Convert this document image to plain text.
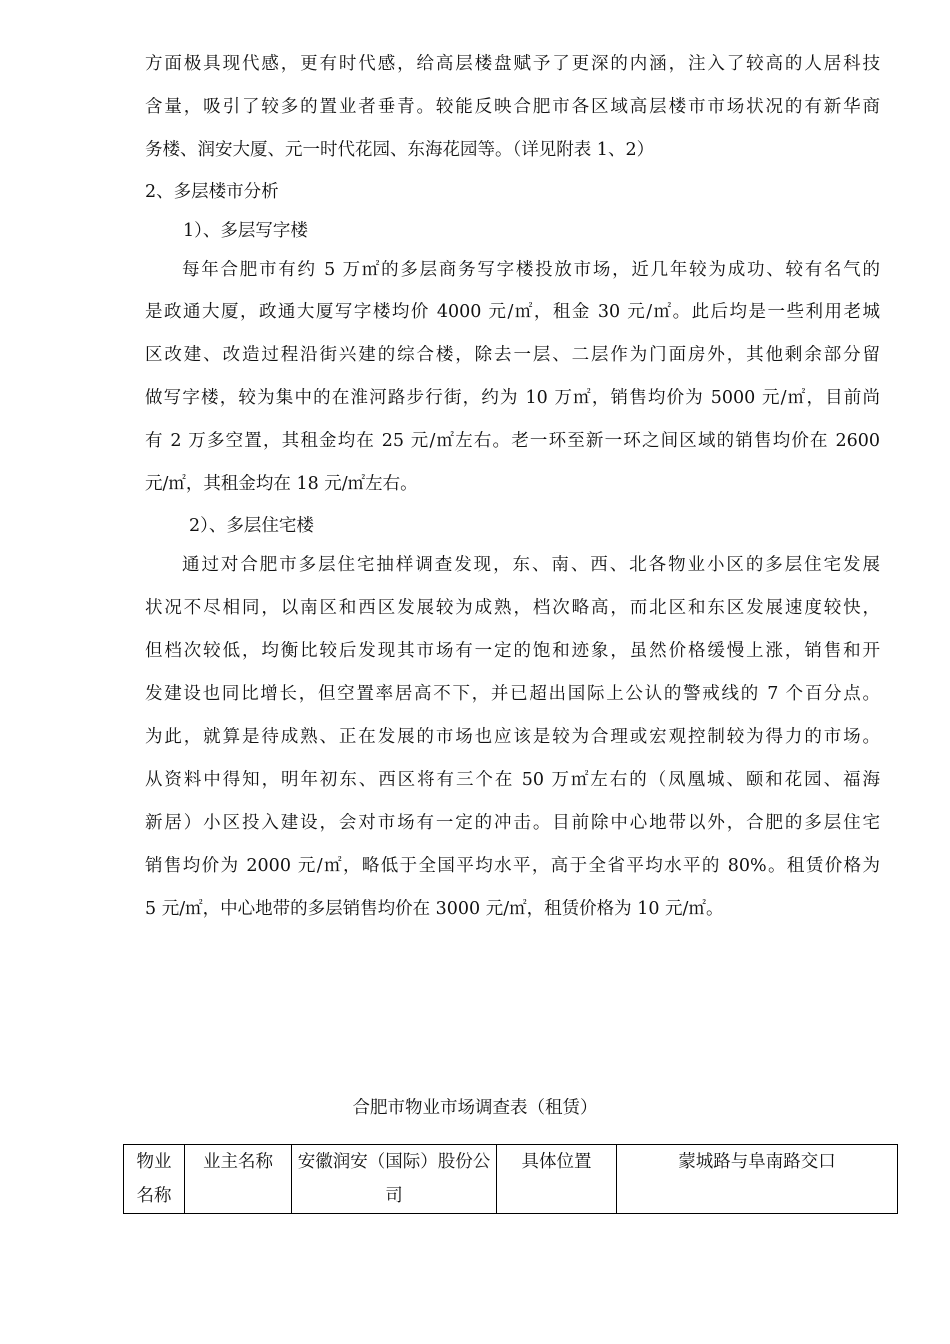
方面极具现代感，更有时代感，给高层楼盘赋予了更深的内涵，注入了较高的人居科技
含量，吸引了较多的置业者垂青。较能反映合肥市各区域高层楼市市场状况的有新华商
务楼、润安大厦、元一时代花园、东海花园等。（详见附表 1、2）
2、多层楼市分析
1）、多层写字楼
每年合肥市有约 5 万㎡的多层商务写字楼投放市场，近几年较为成功、较有名气的
是政通大厦，政通大厦写字楼均价 4000 元/㎡，租金 30 元/㎡。此后均是一些利用老城
区改建、改造过程沿街兴建的综合楼，除去一层、二层作为门面房外，其他剩余部分留
做写字楼，较为集中的在淮河路步行街，约为 10 万㎡，销售均价为 5000 元/㎡，目前尚
有 2 万多空置，其租金均在 25 元/㎡左右。老一环至新一环之间区域的销售均价在 2600
元/㎡，其租金均在 18 元/㎡左右。
2）、多层住宅楼
通过对合肥市多层住宅抽样调查发现，东、南、西、北各物业小区的多层住宅发展
状况不尽相同，以南区和西区发展较为成熟，档次略高，而北区和东区发展速度较快，
但档次较低，均衡比较后发现其市场有一定的饱和迹象，虽然价格缓慢上涨，销售和开
发建设也同比增长，但空置率居高不下，并已超出国际上公认的警戒线的 7 个百分点。
为此，就算是待成熟、正在发展的市场也应该是较为合理或宏观控制较为得力的市场。
从资料中得知，明年初东、西区将有三个在 50 万㎡左右的（凤凰城、颐和花园、福海
新居）小区投入建设，会对市场有一定的冲击。目前除中心地带以外，合肥的多层住宅
销售均价为 2000 元/㎡，略低于全国平均水平，高于全省平均水平的 80%。租赁价格为
5 元/㎡，中心地带的多层销售均价在 3000 元/㎡，租赁价格为 10 元/㎡。
合肥市物业市场调查表（租赁）
物业名称	业主名称	安徽润安（国际）股份公司	具体位置	蒙城路与阜南路交口
